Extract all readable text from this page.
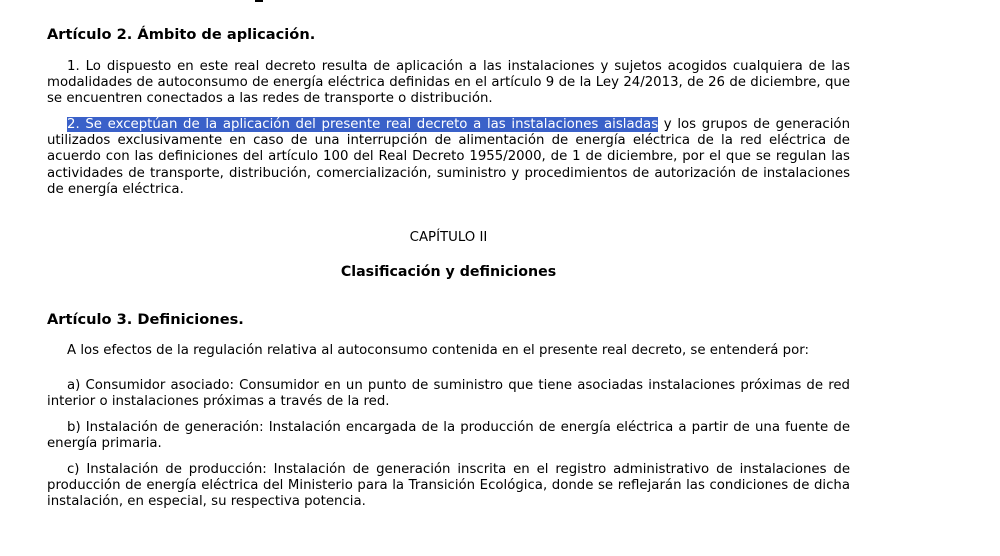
Artículo 2. Ámbito de aplicación.

1. Lo dispuesto en este real decreto resulta de aplicación a las instalaciones y sujetos acogidos cualquiera de las modalidades de autoconsumo de energía eléctrica definidas en el artículo 9 de la Ley 24/2013, de 26 de diciembre, que se encuentren conectados a las redes de transporte o distribución.

2. Se exceptúan de la aplicación del presente real decreto a las instalaciones aisladas y los grupos de generación utilizados exclusivamente en caso de una interrupción de alimentación de energía eléctrica de la red eléctrica de acuerdo con las definiciones del artículo 100 del Real Decreto 1955/2000, de 1 de diciembre, por el que se regulan las actividades de transporte, distribución, comercialización, suministro y procedimientos de autorización de instalaciones de energía eléctrica.

CAPÍTULO II

Clasificación y definiciones

Artículo 3. Definiciones.

A los efectos de la regulación relativa al autoconsumo contenida en el presente real decreto, se entenderá por:

a) Consumidor asociado: Consumidor en un punto de suministro que tiene asociadas instalaciones próximas de red interior o instalaciones próximas a través de la red.

b) Instalación de generación: Instalación encargada de la producción de energía eléctrica a partir de una fuente de energía primaria.

c) Instalación de producción: Instalación de generación inscrita en el registro administrativo de instalaciones de producción de energía eléctrica del Ministerio para la Transición Ecológica, donde se reflejarán las condiciones de dicha instalación, en especial, su respectiva potencia.
